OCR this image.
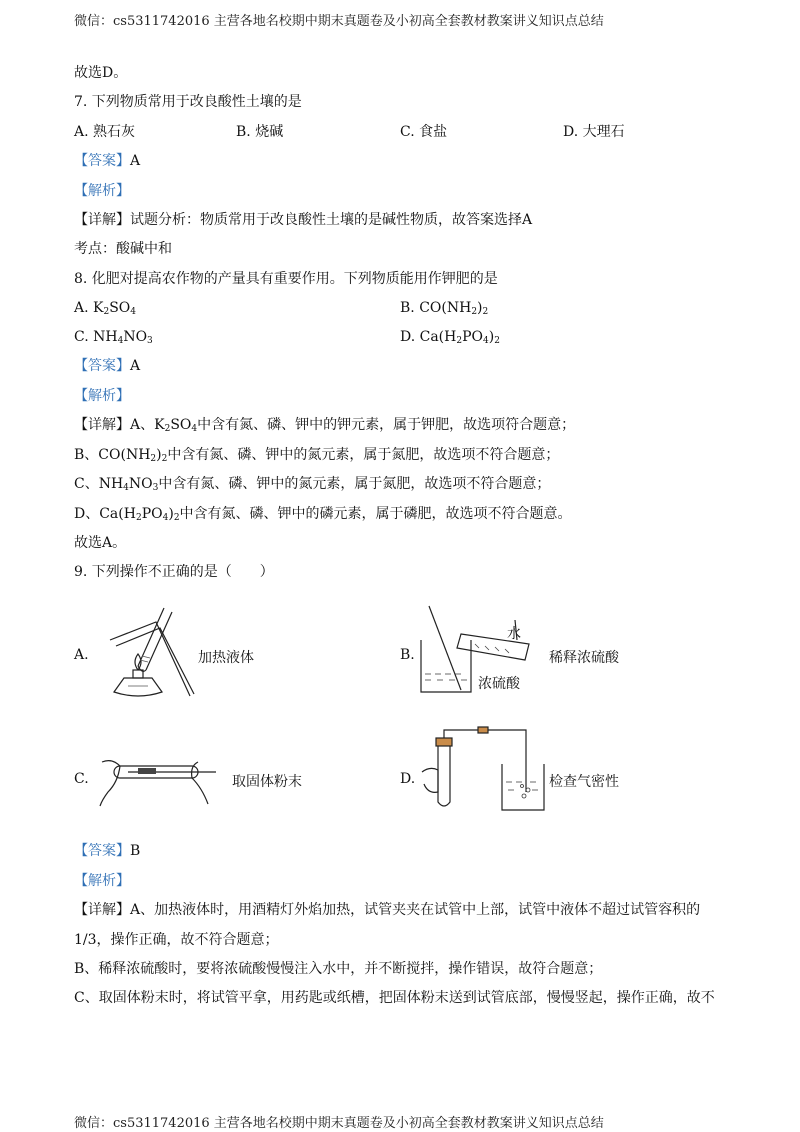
微信：cs5311742016 主营各地名校期中期末真题卷及小初高全套教材教案讲义知识点总结
故选D。
7. 下列物质常用于改良酸性土壤的是
A. 熟石灰	B. 烧碱	C. 食盐	D. 大理石
【答案】A
【解析】
【详解】试题分析：物质常用于改良酸性土壤的是碱性物质，故答案选择A
考点：酸碱中和
8. 化肥对提高农作物的产量具有重要作用。下列物质能用作钾肥的是
A. $K_2SO_4$	B. $CO(NH_2)_2$
C. $NH_4NO_3$	D. $Ca(H_2PO_4)_2$
【答案】A
【解析】
【详解】A、$K_2SO_4$中含有氮、磷、钾中的钾元素，属于钾肥，故选项符合题意；
B、$CO(NH_2)_2$中含有氮、磷、钾中的氮元素，属于氮肥，故选项不符合题意；
C、$NH_4NO_3$中含有氮、磷、钾中的氮元素，属于氮肥，故选项不符合题意；
D、$Ca(H_2PO_4)_2$中含有氮、磷、钾中的磷元素，属于磷肥，故选项不符合题意。
故选A。
9. 下列操作不正确的是（　　）
A.	加热液体	B.
水
浓硫酸
稀释浓硫酸
C.	取固体粉末	D.	检查气密性
【答案】B
【解析】
【详解】A、加热液体时，用酒精灯外焰加热，试管夹夹在试管中上部，试管中液体不超过试管容积的
1/3，操作正确，故不符合题意；
B、稀释浓硫酸时，要将浓硫酸慢慢注入水中，并不断搅拌，操作错误，故符合题意；
C、取固体粉末时，将试管平拿，用药匙或纸槽，把固体粉末送到试管底部，慢慢竖起，操作正确，故不
微信：cs5311742016 主营各地名校期中期末真题卷及小初高全套教材教案讲义知识点总结
